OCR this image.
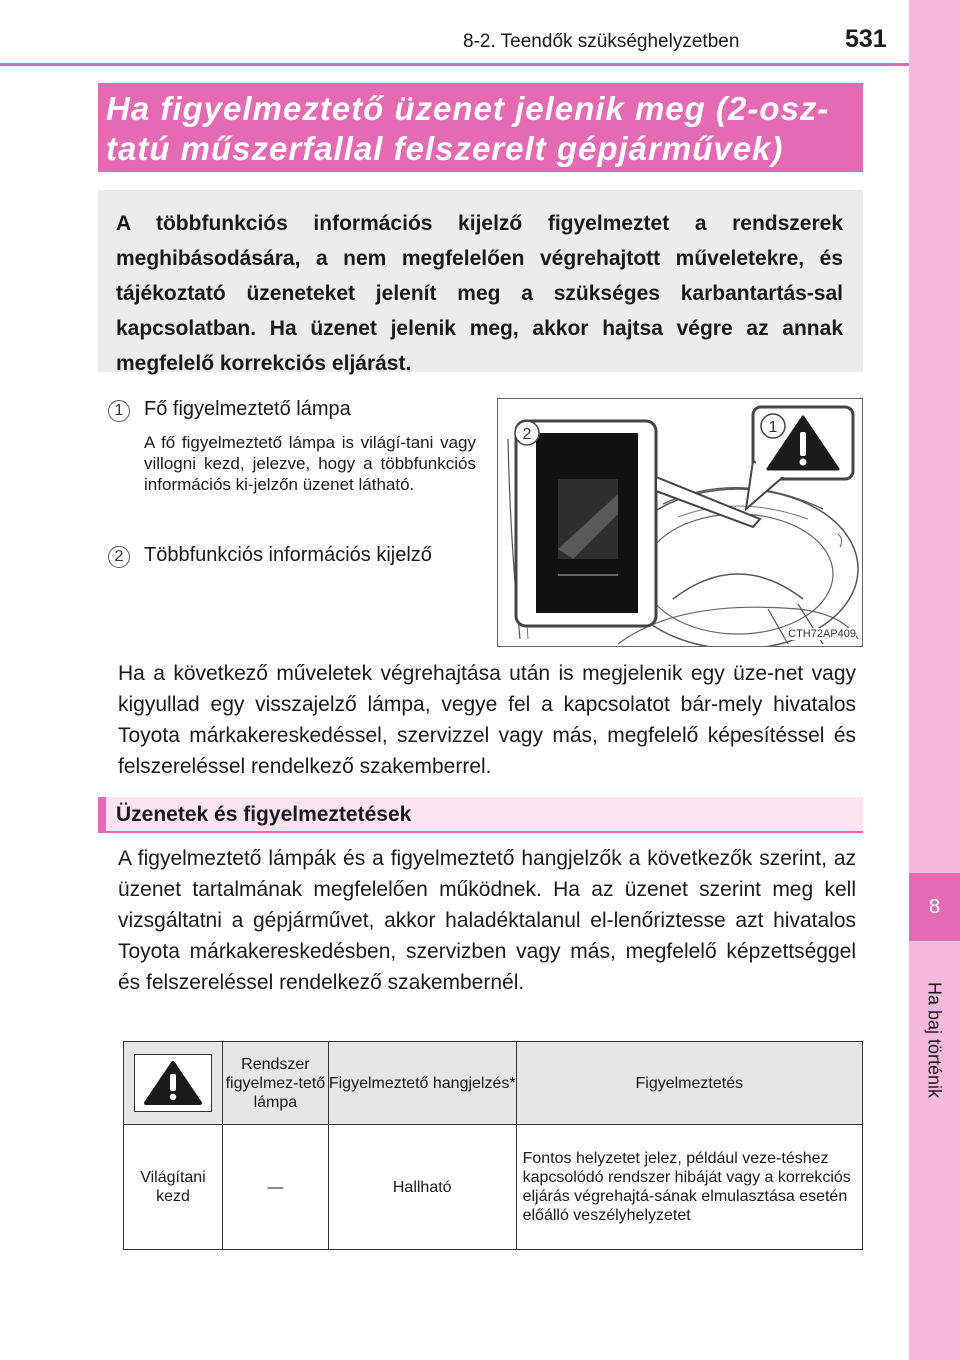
8-2. Teendők szükséghelyzetben	531
8
Ha baj történik
Ha figyelmeztető üzenet jelenik meg (2-osz-
tatú műszerfallal felszerelt gépjárművek)

A többfunkciós információs kijelző figyelmeztet a rendszerek meghibásodására, a nem megfelelően végrehajtott műveletekre, és tájékoztató üzeneteket jelenít meg a szükséges karbantartás-sal kapcsolatban. Ha üzenet jelenik meg, akkor hajtsa végre az annak megfelelő korrekciós eljárást.

1	Fő figyelmeztető lámpa
A fő figyelmeztető lámpa is világí-tani vagy villogni kezd, jelezve, hogy a többfunkciós információs ki-jelzőn üzenet látható.
2	Többfunkciós információs kijelző
2	1
CTH72AP409

Ha a következő műveletek végrehajtása után is megjelenik egy üze-net vagy kigyullad egy visszajelző lámpa, vegye fel a kapcsolatot bár-mely hivatalos Toyota márkakereskedéssel, szervizzel vagy más, megfelelő képesítéssel és felszereléssel rendelkező szakemberrel.

Üzenetek és figyelmeztetések

A figyelmeztető lámpák és a figyelmeztető hangjelzők a következők szerint, az üzenet tartalmának megfelelően működnek. Ha az üzenet szerint meg kell vizsgáltatni a gépjárművet, akkor haladéktalanul el-lenőriztesse azt hivatalos Toyota márkakereskedésben, szervizben vagy más, megfelelő képzettséggel és felszereléssel rendelkező szakembernél.

	Rendszer figyelmez-tető lámpa	Figyelmeztető hangjelzés*	Figyelmeztetés
Világítani kezd	—	Hallható	Fontos helyzetet jelez, például veze-téshez kapcsolódó rendszer hibáját vagy a korrekciós eljárás végrehajtá-sának elmulasztása esetén előálló veszélyhelyzetet
